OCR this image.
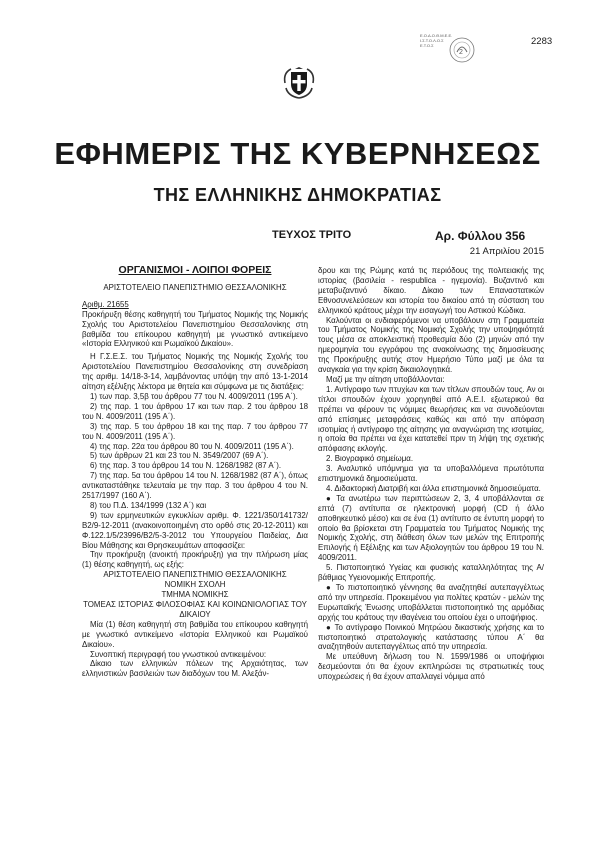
Ε.Ο.Δ.Ο.Θ.Μ.Ε.Ε.
Ι.Σ.Τ.Ο.Λ.Ο.Σ
Ε.Τ.Ο.Σ
2
2283
ΕΦΗΜΕΡΙΣ ΤΗΣ ΚΥΒΕΡΝΗΣΕΩΣ
ΤΗΣ ΕΛΛΗΝΙΚΗΣ ΔΗΜΟΚΡΑΤΙΑΣ
ΤΕΥΧΟΣ ΤΡΙΤΟ	Αρ. Φύλλου 356
21 Απριλίου 2015
ΟΡΓΑΝΙΣΜΟΙ - ΛΟΙΠΟΙ ΦΟΡΕΙΣ
ΑΡΙΣΤΟΤΕΛΕΙΟ ΠΑΝΕΠΙΣΤΗΜΙΟ ΘΕΣΣΑΛΟΝΙΚΗΣ

Αριθμ. 21655

Προκήρυξη θέσης καθηγητή του Τμήματος Νομικής της Νομικής Σχολής του Αριστοτελείου Πανεπιστημίου Θεσσαλονίκης στη βαθμίδα του επίκουρου καθηγητή με γνωστικό αντικείμενο «Ιστορία Ελληνικού και Ρωμαϊκού Δικαίου».

Η Γ.Σ.Ε.Σ. του Τμήματος Νομικής της Νομικής Σχολής του Αριστοτελείου Πανεπιστημίου Θεσσαλονίκης στη συνεδρίαση της αριθμ. 14/18-3-14, λαμβάνοντας υπόψη την από 13-1-2014 αίτηση εξέλιξης λέκτορα με θητεία και σύμφωνα με τις διατάξεις:

1) των παρ. 3,5β του άρθρου 77 του Ν. 4009/2011 (195 Α΄).

2) της παρ. 1 του άρθρου 17 και των παρ. 2 του άρθρου 18 του Ν. 4009/2011 (195 Α΄).

3) της παρ. 5 του άρθρου 18 και της παρ. 7 του άρθρου 77 του Ν. 4009/2011 (195 Α΄).

4) της παρ. 22α του άρθρου 80 του Ν. 4009/2011 (195 Α΄).

5) των άρθρων 21 και 23 του Ν. 3549/2007 (69 Α΄).

6) της παρ. 3 του άρθρου 14 του Ν. 1268/1982 (87 Α΄).

7) της παρ. 5α του άρθρου 14 του Ν. 1268/1982 (87 Α΄), όπως αντικαταστάθηκε τελευταία με την παρ. 3 του άρθρου 4 του Ν. 2517/1997 (160 Α΄).

8) του Π.Δ. 134/1999 (132 Α΄) και

9) των ερμηνευτικών εγκυκλίων αριθμ. Φ. 1221/350/141732/Β2/9-12-2011 (ανακοινοποιημένη στο ορθό στις 20-12-2011) και Φ.122.1/5/23996/Β2/5-3-2012 του Υπουργείου Παιδείας, Δια Βίου Μάθησης και Θρησκευμάτων αποφασίζει:

Την προκήρυξη (ανοικτή προκήρυξη) για την πλήρωση μίας (1) θέσης καθηγητή, ως εξής:

ΑΡΙΣΤΟΤΕΛΕΙΟ ΠΑΝΕΠΙΣΤΗΜΙΟ ΘΕΣΣΑΛΟΝΙΚΗΣ

ΝΟΜΙΚΗ ΣΧΟΛΗ

ΤΜΗΜΑ ΝΟΜΙΚΗΣ

ΤΟΜΕΑΣ ΙΣΤΟΡΙΑΣ ΦΙΛΟΣΟΦΙΑΣ ΚΑΙ ΚΟΙΝΩΝΙΟΛΟΓΙΑΣ ΤΟΥ ΔΙΚΑΙΟΥ

Μία (1) θέση καθηγητή στη βαθμίδα του επίκουρου καθηγητή με γνωστικό αντικείμενο «Ιστορία Ελληνικού και Ρωμαϊκού Δικαίου».

Συνοπτική περιγραφή του γνωστικού αντικειμένου:

Δίκαιο των ελληνικών πόλεων της Αρχαιότητας, των ελληνιστικών βασιλειών των διαδόχων του Μ. Αλεξάν-

δρου και της Ρώμης κατά τις περιόδους της πολιτειακής της ιστορίας (βασιλεία - respublica - ηγεμονία). Βυζαντινό και μεταβυζαντινό δίκαιο. Δίκαιο των Επαναστατικών Εθνοσυνελεύσεων και ιστορία του δικαίου από τη σύσταση του ελληνικού κράτους μέχρι την εισαγωγή του Αστικού Κώδικα.

Καλούνται οι ενδιαφερόμενοι να υποβάλουν στη Γραμματεία του Τμήματος Νομικής της Νομικής Σχολής την υποψηφιότητά τους μέσα σε αποκλειστική προθεσμία δύο (2) μηνών από την ημερομηνία του εγγράφου της ανακοίνωσης της δημοσίευσης της Προκήρυξης αυτής στον Ημερήσιο Τύπο μαζί με όλα τα αναγκαία για την κρίση δικαιολογητικά.

Μαζί με την αίτηση υποβάλλονται:

1. Αντίγραφο των πτυχίων και των τίτλων σπουδών τους. Αν οι τίτλοι σπουδών έχουν χορηγηθεί από Α.Ε.Ι. εξωτερικού θα πρέπει να φέρουν τις νόμιμες θεωρήσεις και να συνοδεύονται από επίσημες μεταφράσεις καθώς και από την απόφαση ισοτιμίας ή αντίγραφο της αίτησης για αναγνώριση της ισοτιμίας, η οποία θα πρέπει να έχει κατατεθεί πριν τη λήψη της σχετικής απόφασης εκλογής.

2. Βιογραφικό σημείωμα.

3. Αναλυτικό υπόμνημα για τα υποβαλλόμενα πρωτότυπα επιστημονικά δημοσιεύματα.

4. Διδακτορική Διατριβή και άλλα επιστημονικά δημοσιεύματα.

● Τα ανωτέρω των περιπτώσεων 2, 3, 4 υποβάλλονται σε επτά (7) αντίτυπα σε ηλεκτρονική μορφή (CD ή άλλο αποθηκευτικό μέσο) και σε ένα (1) αντίτυπο σε έντυπη μορφή το οποίο θα βρίσκεται στη Γραμματεία του Τμήματος Νομικής της Νομικής Σχολής, στη διάθεση όλων των μελών της Επιτροπής Επιλογής ή Εξέλιξης και των Αξιολογητών του άρθρου 19 του Ν. 4009/2011.

5. Πιστοποιητικό Υγείας και φυσικής καταλληλότητας της Α/βάθμιας Υγειονομικής Επιτροπής.

● Το πιστοποιητικό γέννησης θα αναζητηθεί αυτεπαγγέλτως από την υπηρεσία. Προκειμένου για πολίτες κρατών - μελών της Ευρωπαϊκής Ένωσης υποβάλλεται πιστοποιητικό της αρμόδιας αρχής του κράτους την ιθαγένεια του οποίου έχει ο υποψήφιος.

● Το αντίγραφο Ποινικού Μητρώου δικαστικής χρήσης και το πιστοποιητικό στρατολογικής κατάστασης τύπου Α΄ θα αναζητηθούν αυτεπαγγέλτως από την υπηρεσία.

Με υπεύθυνη δήλωση του Ν. 1599/1986 οι υποψήφιοι δεσμεύονται ότι θα έχουν εκπληρώσει τις στρατιωτικές τους υποχρεώσεις ή θα έχουν απαλλαγεί νόμιμα από
